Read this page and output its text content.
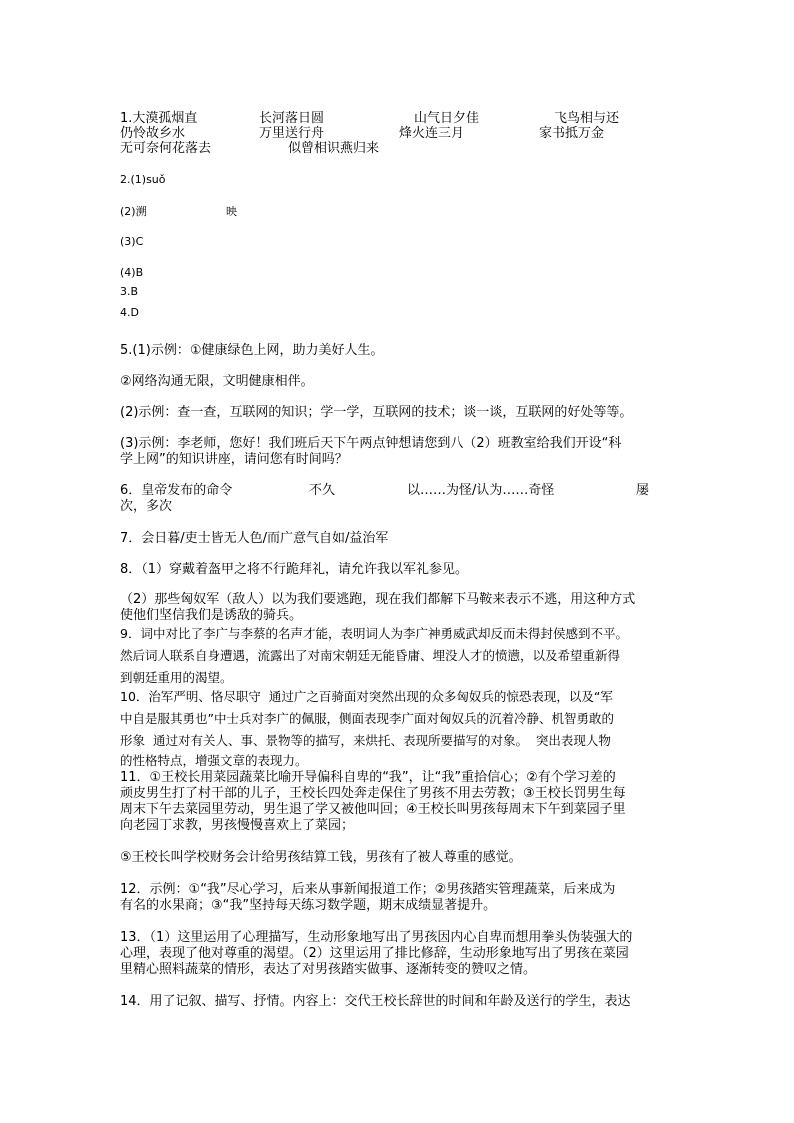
1.大漠孤烟直	长河落日圆	山气日夕佳	飞鸟相与还

仍怜故乡水	万里送行舟	烽火连三月	家书抵万金

无可奈何花落去	似曾相识燕归来

2.(1)suǒ

(2)溯	映

(3)C

(4)B

3.B

4.D

5.(1)示例：①健康绿色上网，助力美好人生。

②网络沟通无限，文明健康相伴。

(2)示例：查一查，互联网的知识；学一学，互联网的技术；谈一谈，互联网的好处等等。

(3)示例：李老师，您好！我们班后天下午两点钟想请您到八（2）班教室给我们开设“科

学上网”的知识讲座，请问您有时间吗？

6．皇帝发布的命令	不久	以……为怪/认为……奇怪	屡

次，多次

7．会日暮/吏士皆无人色/而广意气自如/益治军

8．（1）穿戴着盔甲之将不行跪拜礼，请允许我以军礼参见。

（2）那些匈奴军（敌人）以为我们要逃跑，现在我们都解下马鞍来表示不逃，用这种方式

使他们坚信我们是诱敌的骑兵。

9．词中对比了李广与李蔡的名声才能，表明词人为李广神勇威武却反而未得封侯感到不平。

然后词人联系自身遭遇，流露出了对南宋朝廷无能昏庸、埋没人才的愤懑，以及希望重新得

到朝廷重用的渴望。

10．治军严明、恪尽职守  通过广之百骑面对突然出现的众多匈奴兵的惊恐表现，以及“军

中自是服其勇也”中士兵对李广的佩服，侧面表现李广面对匈奴兵的沉着冷静、机智勇敢的

形象  通过对有关人、事、景物等的描写，来烘托、表现所要描写的对象。  突出表现人物

的性格特点，增强文章的表现力。

11．①王校长用菜园蔬菜比喻开导偏科自卑的“我”，让“我”重拾信心；②有个学习差的

顽皮男生打了村干部的儿子，王校长四处奔走保住了男孩不用去劳教；③王校长罚男生每

周末下午去菜园里劳动，男生退了学又被他叫回；④王校长叫男孩每周末下午到菜园子里

向老园丁求教，男孩慢慢喜欢上了菜园；

⑤王校长叫学校财务会计给男孩结算工钱，男孩有了被人尊重的感觉。

12．示例：①“我”尽心学习，后来从事新闻报道工作；②男孩踏实管理蔬菜，后来成为

有名的水果商；③“我”坚持每天练习数学题，期末成绩显著提升。

13．（1）这里运用了心理描写，生动形象地写出了男孩因内心自卑而想用拳头伪装强大的

心理，表现了他对尊重的渴望。（2）这里运用了排比修辞，生动形象地写出了男孩在菜园

里精心照料蔬菜的情形，表达了对男孩踏实做事、逐渐转变的赞叹之情。

14．用了记叙、描写、抒情。内容上：交代王校长辞世的时间和年龄及送行的学生，表达
